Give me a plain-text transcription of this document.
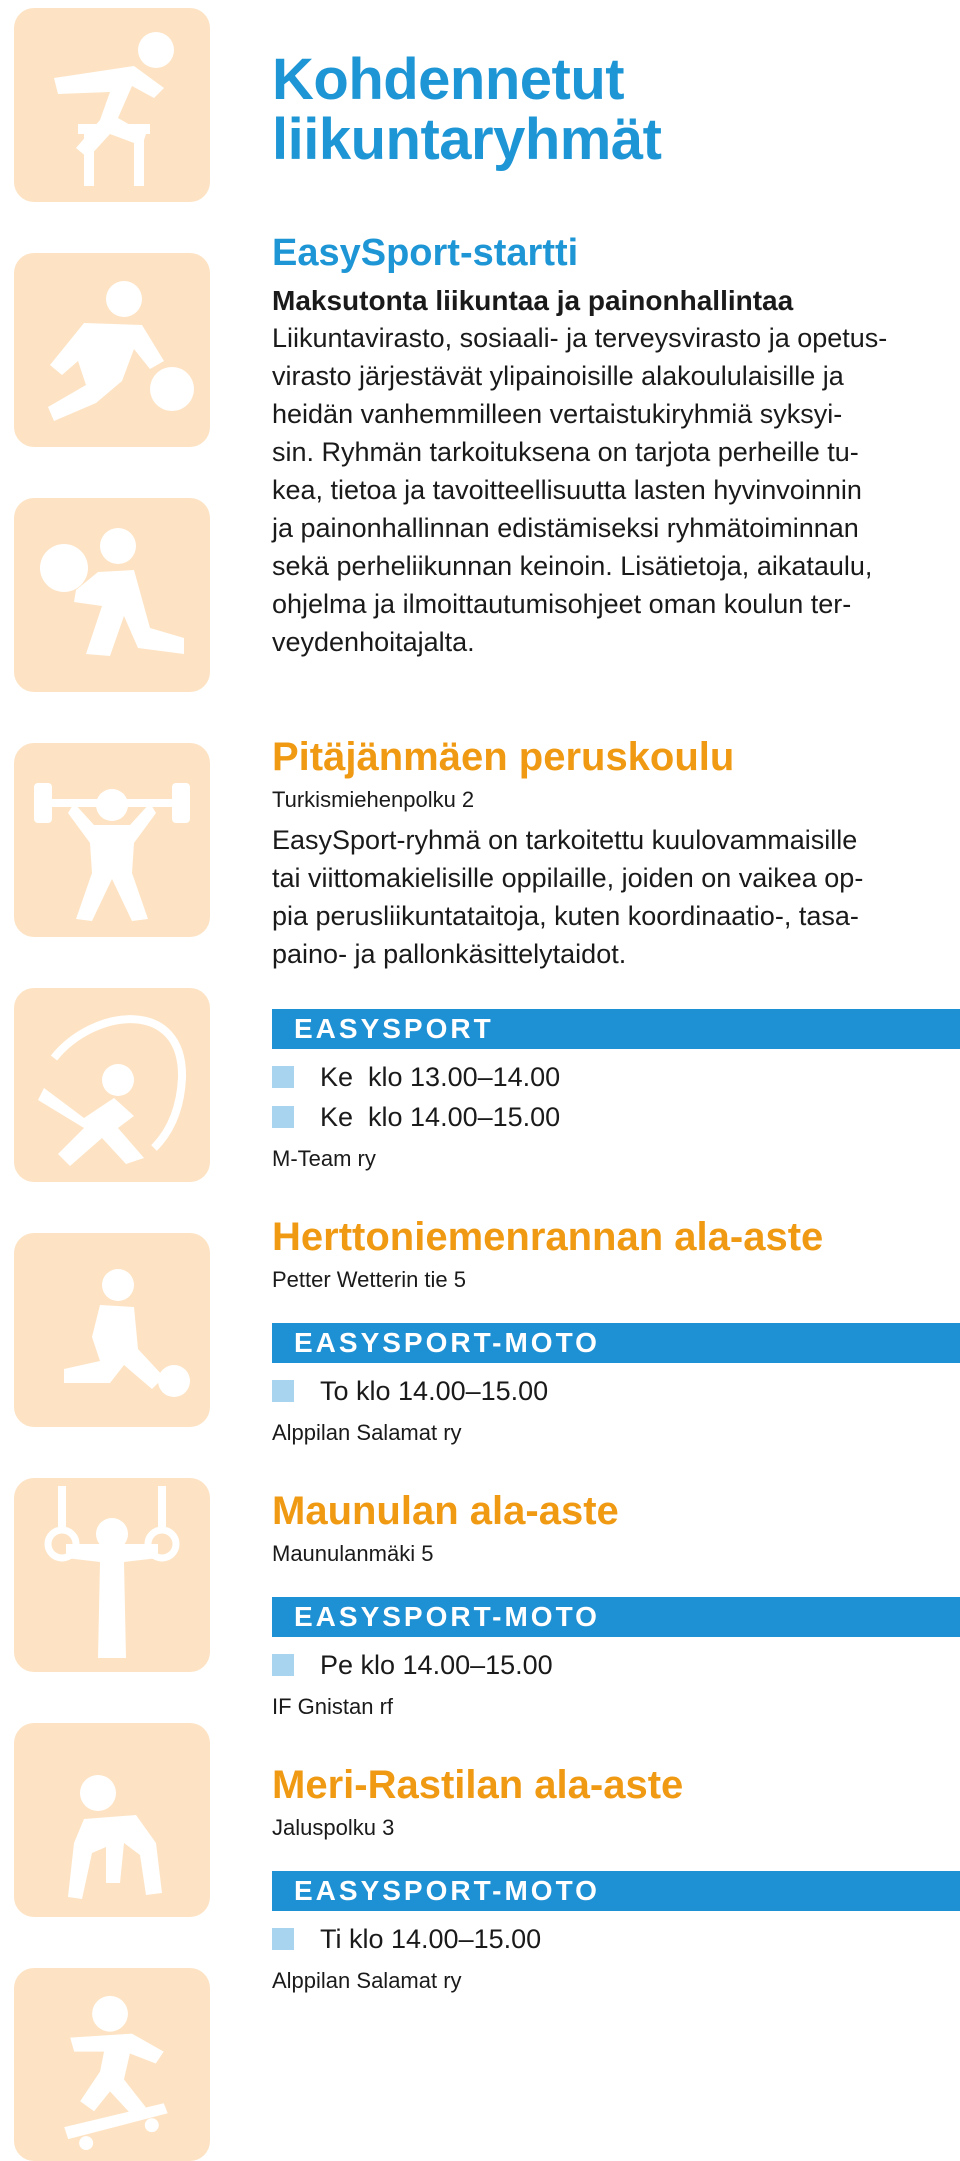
Kohdennetut
liikuntaryhmät
EasySport-startti
Maksutonta liikuntaa ja painonhallintaa

Liikuntavirasto, sosiaali- ja terveysvirasto ja opetus-
virasto järjestävät ylipainoisille alakoululaisille ja
heidän vanhemmilleen vertaistukiryhmiä syksyi-
sin. Ryhmän tarkoituksena on tarjota perheille tu-
kea, tietoa ja tavoitteellisuutta lasten hyvinvoinnin
ja painonhallinnan edistämiseksi ryhmätoiminnan
sekä perheliikunnan keinoin. Lisätietoja, aikataulu,
ohjelma ja ilmoittautumisohjeet oman koulun ter-
veydenhoitajalta.

Pitäjänmäen peruskoulu
Turkismiehenpolku 2

EasySport-ryhmä on tarkoitettu kuulovammaisille
tai viittomakielisille oppilaille, joiden on vaikea op-
pia perusliikuntataitoja, kuten koordinaatio-, tasa-
paino- ja pallonkäsittelytaidot.

EASYSPORT
Ke  klo 13.00–14.00
Ke  klo 14.00–15.00
M-Team ry
Herttoniemenrannan ala-aste
Petter Wetterin tie 5
EASYSPORT-MOTO
To klo 14.00–15.00
Alppilan Salamat ry
Maunulan ala-aste
Maunulanmäki 5
EASYSPORT-MOTO
Pe klo 14.00–15.00
IF Gnistan rf
Meri-Rastilan ala-aste
Jaluspolku 3
EASYSPORT-MOTO
Ti klo 14.00–15.00
Alppilan Salamat ry
